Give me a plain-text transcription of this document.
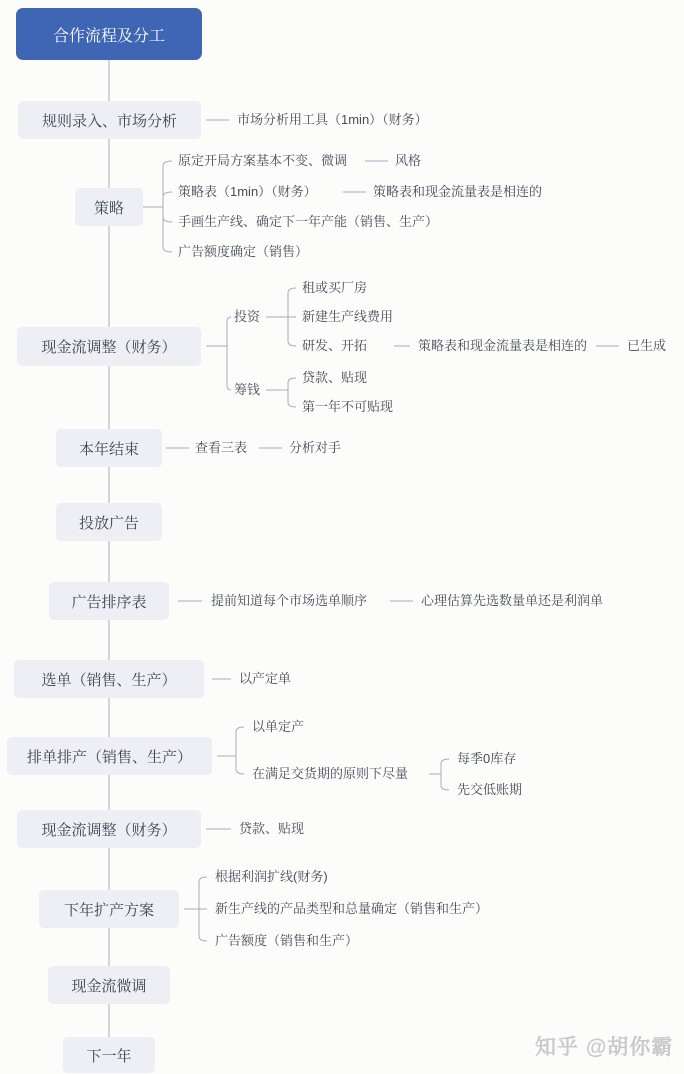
合作流程及分工
规则录入、市场分析
策略
现金流调整（财务）
本年结束
投放广告
广告排序表
选单（销售、生产）
排单排产（销售、生产）
现金流调整（财务）
下年扩产方案
现金流微调
下一年
市场分析用工具（1min）（财务）
原定开局方案基本不变、微调	风格
策略表（1min）（财务）	策略表和现金流量表是相连的
手画生产线、确定下一年产能（销售、生产）
广告额度确定（销售）
投资
租或买厂房
新建生产线费用
研发、开拓	策略表和现金流量表是相连的	已生成
筹钱
贷款、贴现
第一年不可贴现
查看三表	分析对手
提前知道每个市场选单顺序	心理估算先选数量单还是利润单
以产定单
以单定产
在满足交货期的原则下尽量
每季0库存
先交低账期
贷款、贴现
根据利润扩线(财务)
新生产线的产品类型和总量确定（销售和生产）
广告额度（销售和生产）
知乎 @胡你霸
